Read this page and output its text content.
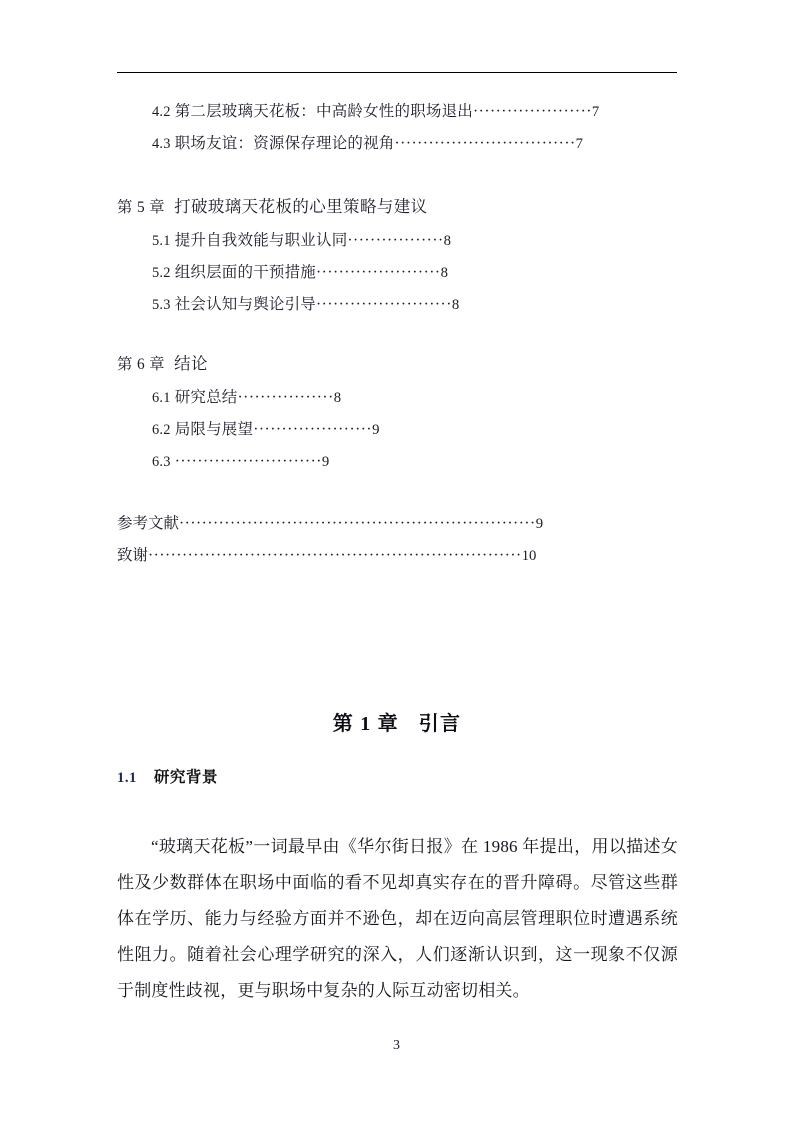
4.2 第二层玻璃天花板：中高龄女性的职场退出·····················7
4.3 职场友谊：资源保存理论的视角································7
第 5 章 打破玻璃天花板的心里策略与建议
5.1 提升自我效能与职业认同·················8
5.2 组织层面的干预措施······················8
5.3 社会认知与舆论引导························8
第 6 章 结论
6.1 研究总结·················8
6.2 局限与展望·····················9
6.3 ··························9
参考文献·······························································9
致谢··································································10
第 1 章 引言
1.1 研究背景

“玻璃天花板”一词最早由《华尔街日报》在 1986 年提出，用以描述女性及少数群体在职场中面临的看不见却真实存在的晋升障碍。尽管这些群体在学历、能力与经验方面并不逊色，却在迈向高层管理职位时遭遇系统性阻力。随着社会心理学研究的深入，人们逐渐认识到，这一现象不仅源于制度性歧视，更与职场中复杂的人际互动密切相关。

3
